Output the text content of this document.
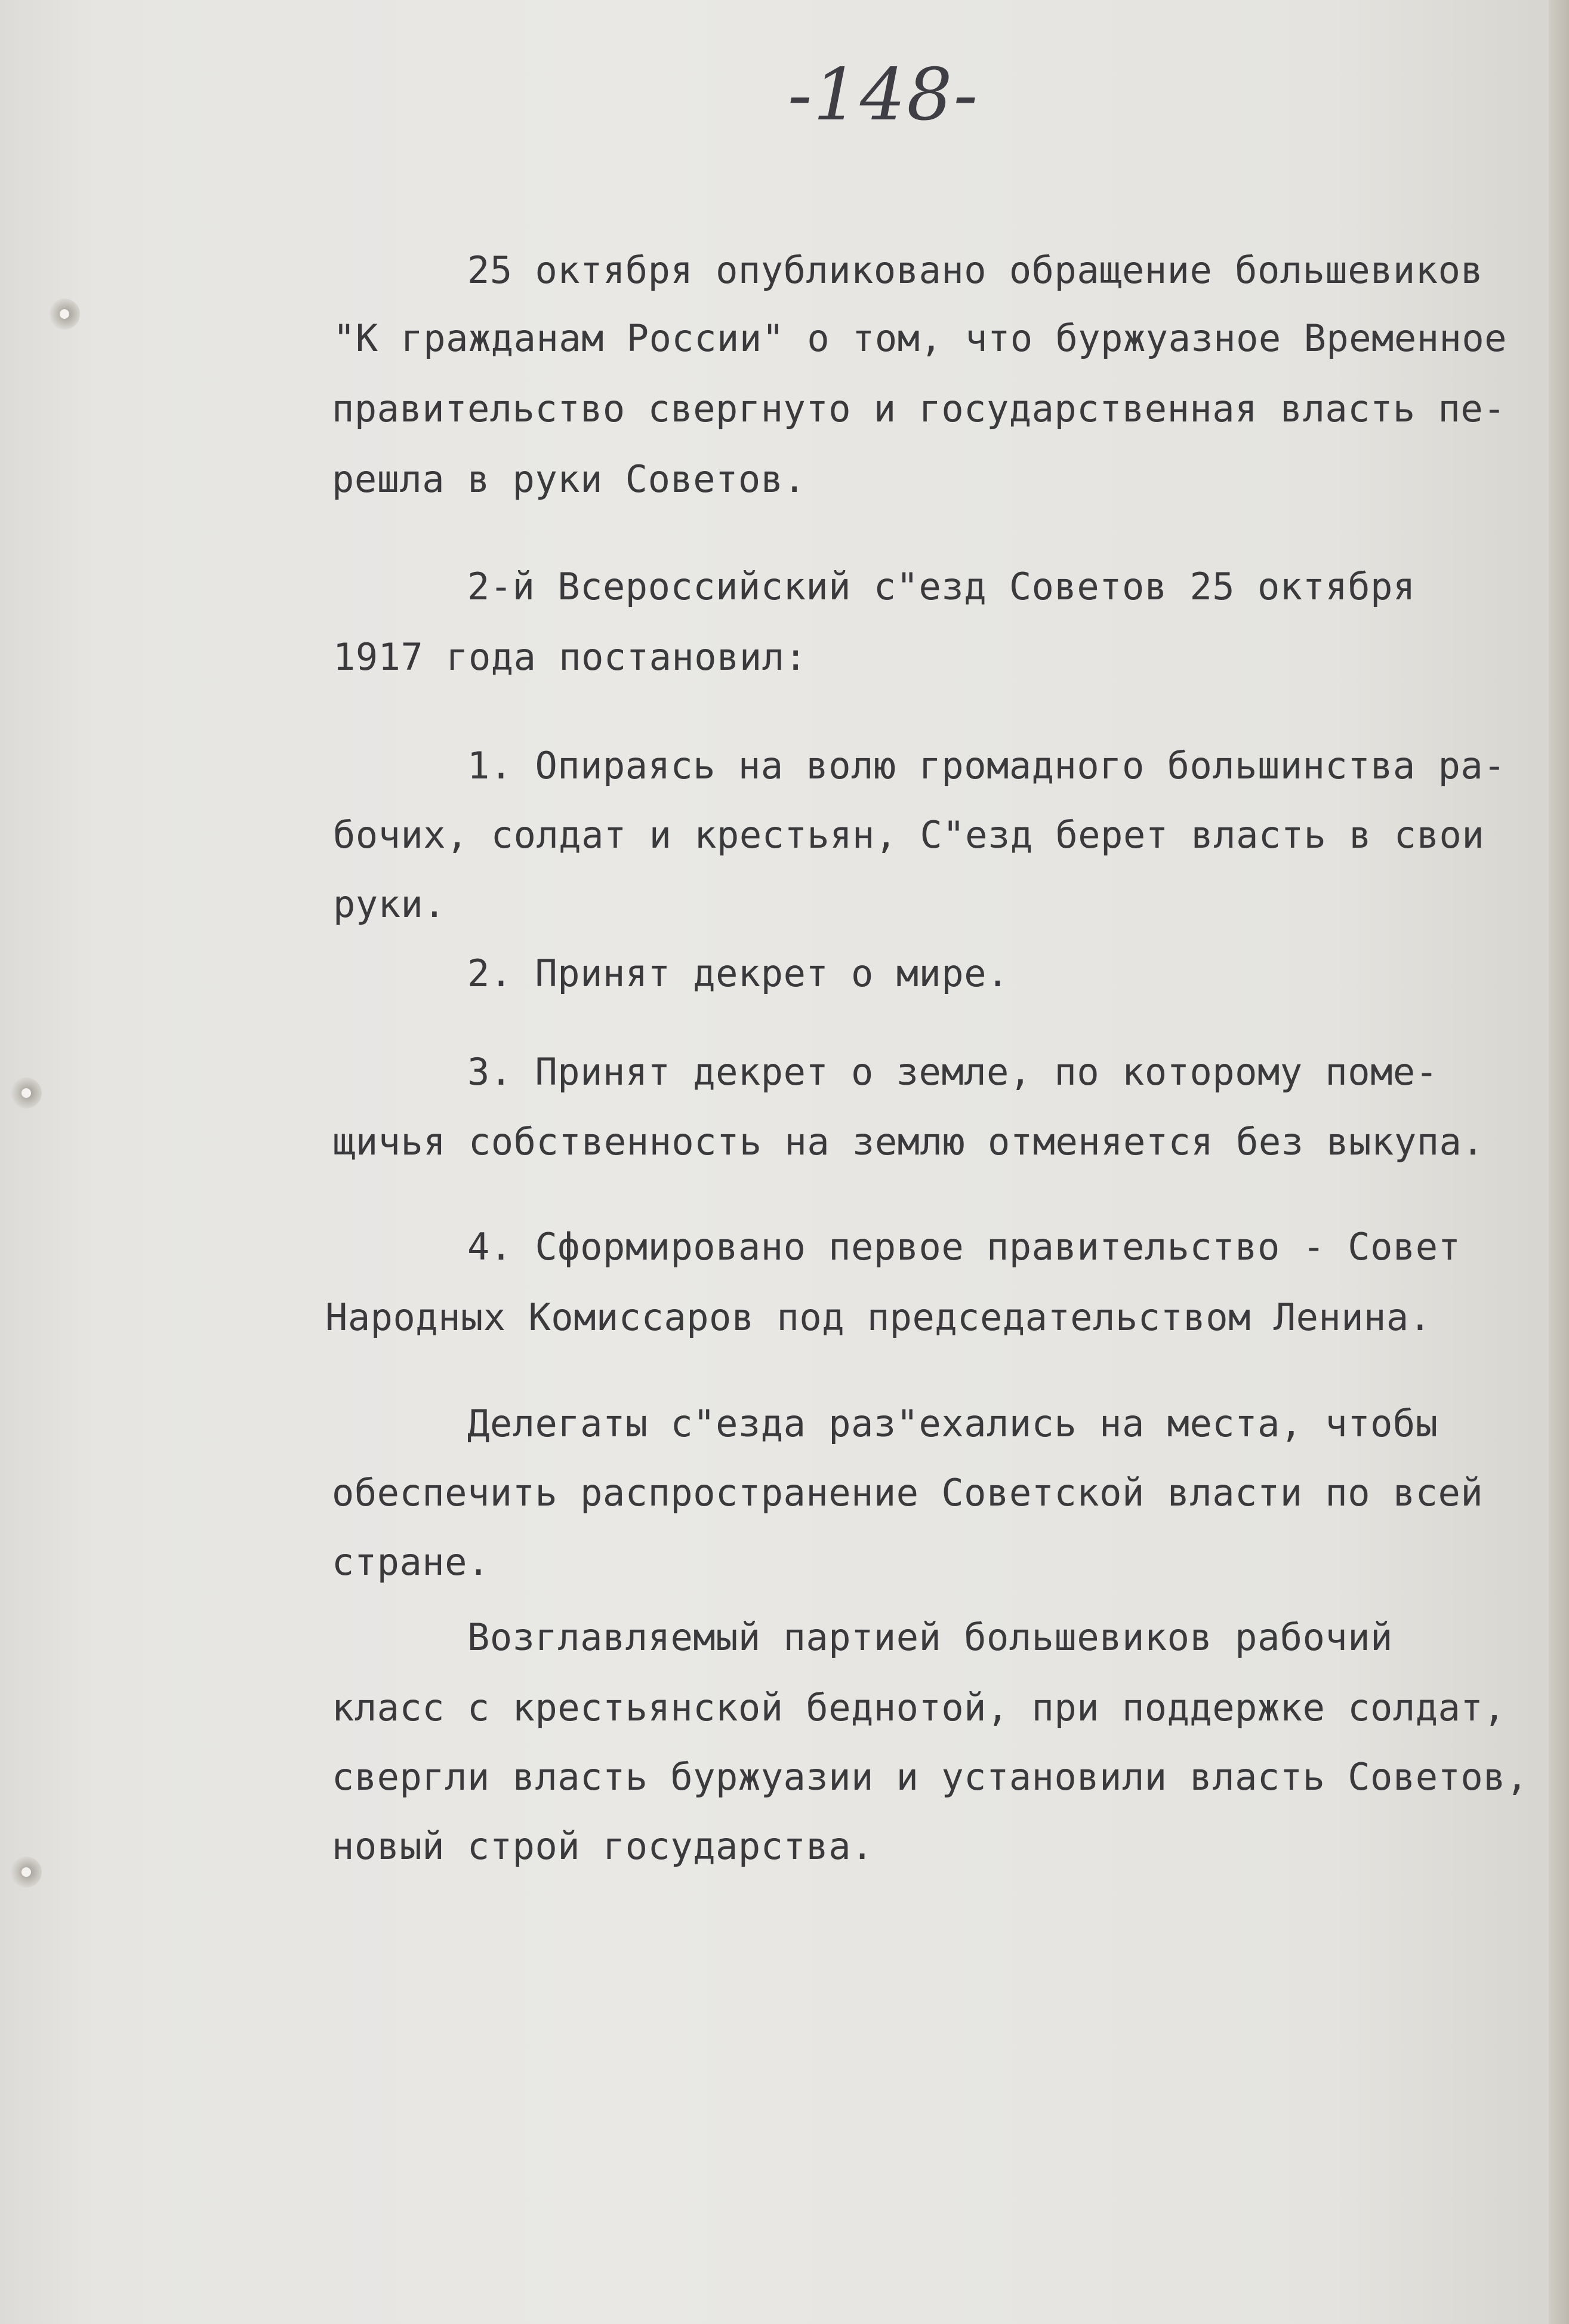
-148-
25 октября опубликовано обращение большевиков
"К гражданам России" о том, что буржуазное Временное
правительство свергнуто и государственная власть пе-
решла в руки Советов.
2-й Всероссийский с"езд Советов 25 октября
1917 года постановил:
1. Опираясь на волю громадного большинства ра-
бочих, солдат и крестьян, С"езд берет власть в свои
руки.
2. Принят декрет о мире.
3. Принят декрет о земле, по которому поме-
щичья собственность на землю отменяется без выкупа.
4. Сформировано первое правительство - Совет
Народных Комиссаров под председательством Ленина.
Делегаты с"езда раз"ехались на места, чтобы
обеспечить распространение Советской власти по всей
стране.
Возглавляемый партией большевиков рабочий
класс с крестьянской беднотой, при поддержке солдат,
свергли власть буржуазии и установили власть Советов,
новый строй государства.
